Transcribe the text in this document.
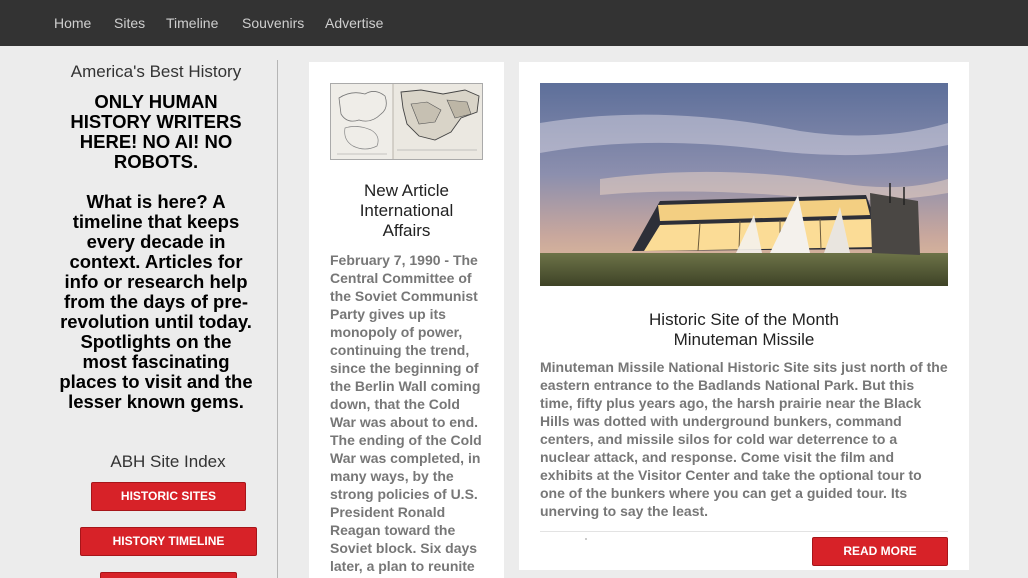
Home Sites Timeline Souvenirs Advertise
America's Best History
ONLY HUMAN HISTORY WRITERS HERE! NO AI! NO ROBOTS.
What is here? A timeline that keeps every decade in context. Articles for info or research help from the days of pre-revolution until today. Spotlights on the most fascinating places to visit and the lesser known gems.
ABH Site Index
HISTORIC SITES
HISTORY TIMELINE
New Article
International
Affairs
February 7, 1990 - The Central Committee of the Soviet Communist Party gives up its monopoly of power, continuing the trend, since the beginning of the Berlin Wall coming down, that the Cold War was about to end. The ending of the Cold War was completed, in many ways, by the strong policies of U.S. President Ronald Reagan toward the Soviet block. Six days later, a plan to reunite
Historic Site of the Month
Minuteman Missile
Minuteman Missile National Historic Site sits just north of the eastern entrance to the Badlands National Park. But this time, fifty plus years ago, the harsh prairie near the Black Hills was dotted with underground bunkers, command centers, and missile silos for cold war deterrence to a nuclear attack, and response. Come visit the film and exhibits at the Visitor Center and take the optional tour to one of the bunkers where you can get a guided tour. Its unerving to say the least.
READ MORE
